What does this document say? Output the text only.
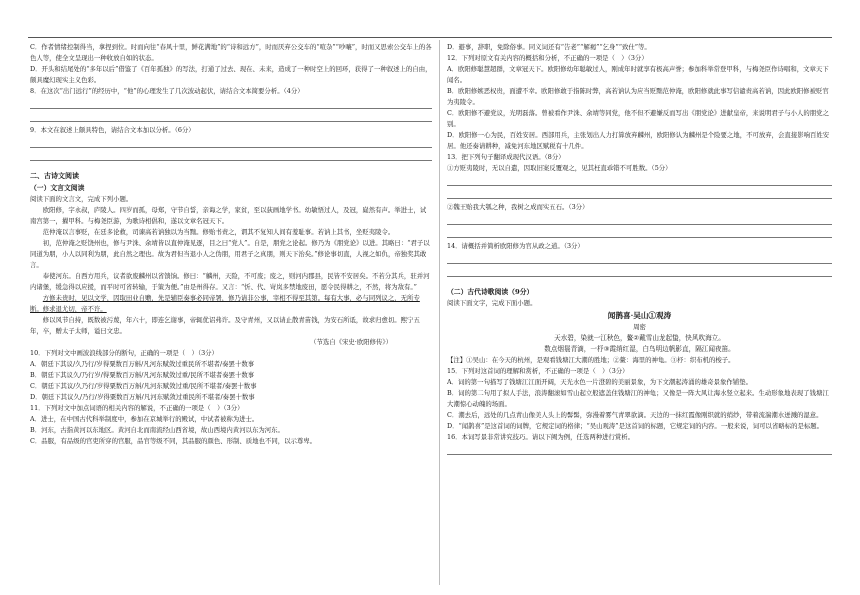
C．作者情绪控制得当，拿捏到位。时而向往“春风十里，鲜花满地”的“诗和远方”，时而厌弃公交车的“喧杂”“吵嚷”，时而又思索公交车上的各色人等，使全文呈现出一种收放自如的状态。

D．开头和结尾处的“多年以后”借鉴了《百年孤独》的写法，打通了过去、现在、未来，造成了一种时空上的回环，获得了一种叙述上的自由，颇具魔幻现实主义色彩。

8．在这次“出门远行”的经历中，“他”的心理发生了几次波动起伏，请结合文本简要分析。（4分）

9．本文在叙述上颇具特色，请结合文本加以分析。（6分）

二、古诗文阅读

（一）文言文阅读

阅读下面的文言文，完成下列小题。

欧阳修，字永叔，庐陵人。四岁而孤，母郑，守节自誓，亲诲之学，家贫，至以荻画地学书。幼敏悟过人，及冠，嶷然有声。举进士，试南宫第一，擢甲科。与梅尧臣游，为歌诗相倡和，遂以文章名冠天下。

范仲淹以言事贬，在廷多论救，司谏高若讷独以为当黜。修贻书责之，谓其不复知人间有羞耻事。若讷上其书，坐贬夷陵令。

初，范仲淹之贬饶州也，修与尹洙、余靖皆以直仲淹见逐，目之曰“党人”。自是，朋党之论起。修乃为《朋党论》以进。其略曰：“君子以同道为朋，小人以同利为朋，此自然之理也。故为君但当退小人之伪朋，用君子之真朋，则天下治矣。”修论事切直，人视之如仇，帝独奖其敢言。

奉使河东。自西方用兵，议者欲废麟州以省馈饷。修曰：“麟州，天险，不可废；废之，则河内郡县，民皆不安居矣。不若分其兵，驻并河内诸堡，缓急得以应援，而平时可省转输，于策为便。”由是州得存。又言：“忻、代、岢岚多禁地废田，愿令民得耕之，不然，将为敌有。”

方修未贵时，见以文学，因取田业自赡，先是辅臣奏事必同帝署，修乃请非公事，宰相不得至其第。每有大事，必与同列议之，无所专断。修求退尤切，帝不许。

修以风节自持，既数被污蔑，年六十，即连乞谢事，帝辄优诏弗许。及守青州，又以请止散青苗钱，为安石所诋，故求归愈切。熙宁五年，卒，赠太子太师，谥曰文忠。

（节选自《宋史·欧阳修传》）

10．下列对文中画波浪线部分的断句，正确的一项是（　）（3分）

A．朝廷下其议/久乃行/岁得粟数百万斛/凡河东赋敛过重民所不堪者/奏罢十数事

B．朝廷下其议久/乃行岁/得粟数百万斛/凡河东赋敛过重/民所不堪者奏罢十数事

C．朝廷下其议/久乃行/岁得粟数百万斛/凡河东赋敛过重/民所不堪者/奏罢十数事

D．朝廷下其议久/乃行/岁得粟数百万斛/凡河东赋敛过重民所不堪者/奏罢十数事

11．下列对文中加点词语的相关内容的解说，不正确的一项是（　）（3分）

A．进士，在中国古代科举制度中，参加在京城举行的殿试，中试者被称为进士。

B．河东，古指黄河以东地区。黄河自北而南流经山西省境，故山西境内黄河以东为河东。

C．品服，有品级的官吏所穿的官服，品官等级不同，其品服的颜色、形制、质地也不同，以示尊卑。

D．避事，辞职，免除俗事。同义词还有“告老”“解褐”“乞身”“致仕”等。

12．下列对原文有关内容的概括和分析，不正确的一项是（　）（3分）

A．欧阳修聪慧超群，文章冠天下。欧阳修幼年聪敏过人，刚成年时就享有极高声誉；参加科举常登甲科，与梅尧臣作诗唱和，文章天下闻名。

B．欧阳修嫉恶权贵，面遭不幸。欧阳修敢于指陈时弊，高若讷认为应当贬黜范仲淹，欧阳修就此事写信谴责高若讷，因此欧阳修被贬官为夷陵令。

C．欧阳修不避党议，光明磊落。曾被看作尹洙、余靖等同党，他不但不避嫌反而写出《朋党论》进献皇帝，来说明君子与小人的朋党之别。

D．欧阳修一心为民，百姓安居。西部用兵，主张划出人力打算放弃麟州，欧阳修认为麟州是个险要之地，不可放弃，会直接影响百姓安居。他还奏请耕种，减免河东地区赋税有十几件。

13．把下列句子翻译成现代汉语。（8分）

①方贬夷陵时，无以自遣，因取旧案反覆观之，见其枉直乖错不可胜数。（5分）

②魏王贻我大瓠之种，我树之成而实五石。（3分）

14．请概括并简析欧阳修为官从政之道。（3分）

（二）古代诗歌阅读（9分）

阅读下面文字，完成下面小题。

闻鹊喜·吴山①观涛

周密

天水碧，染就一江秋色，鳌②戴雪山龙起蛰，快风吹海立。

数点烟鬟青滴，一杼③霞绡红湿，白鸟明边帆影直，隔江闻夜笛。

【注】①吴山：在今天的杭州，是观看钱塘江大潮的胜地；②鳌：海里的神龟。③杼：织布机的梭子。

15．下列对这首词的理解和赏析，不正确的一项是（　）（3分）

A．词的第一句描写了钱塘江江面开阔，天光水色一片澄碧的美丽景象，为下文潮起涛涌的雄奇景象作铺垫。

B．词的第二句用了拟人手法，浪涛翻滚如雪山起立般遮盖住钱塘江的神龟；又像是一阵大风让海水竖立起来。生动形象地表现了钱塘江大潮惊心动魄的场面。

C．潮去后，远处的几点青山像美人头上的髻髻，弥漫着雾气青翠欲滴。天边的一抹红霞像刚织就的绡纱，带着流湍潮水迸溅的湿意。

D．“闻鹊喜”是这首词的词牌，它规定词的格律；“吴山观涛”是这首词的标题，它规定词的内容。一般来说，词可以省略标的是标题。

16．本词写景非常讲究技巧。请以下阙为例，任选两种进行赏析。
